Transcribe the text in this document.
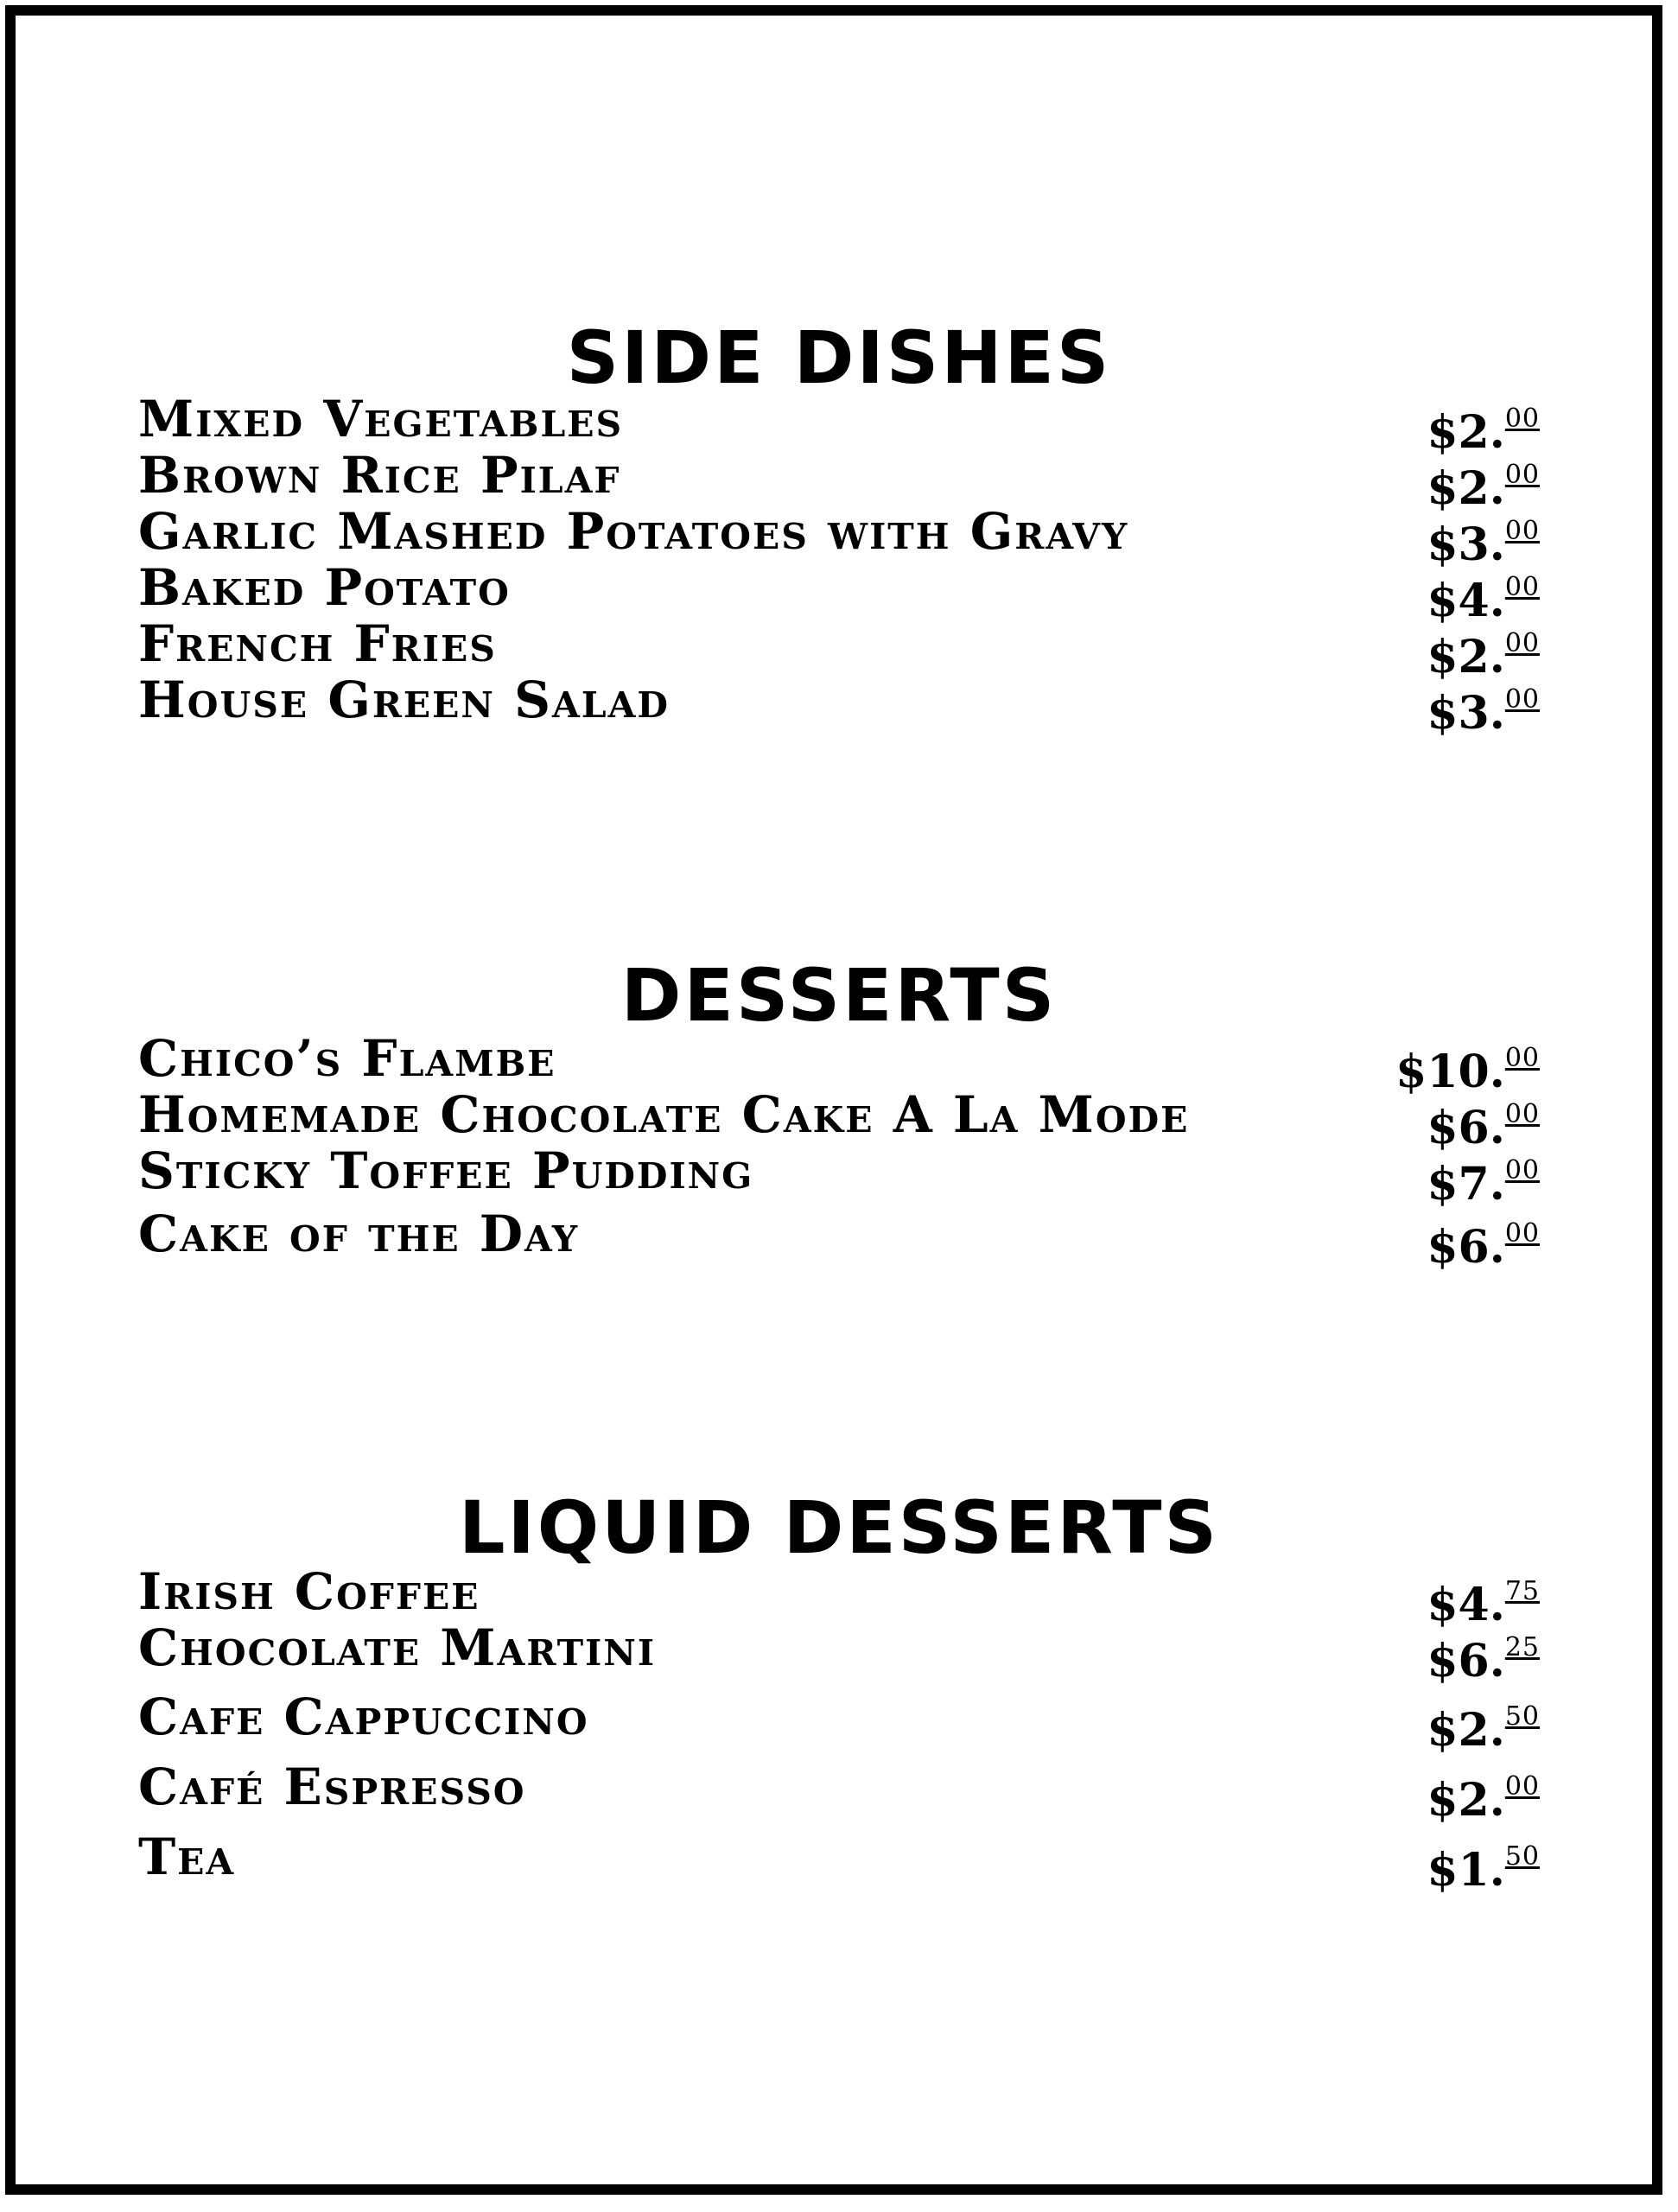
SIDE DISHES
Mixed Vegetables	$2.00
Brown Rice Pilaf	$2.00
Garlic Mashed Potatoes with Gravy	$3.00
Baked Potato	$4.00
French Fries	$2.00
House Green Salad	$3.00
DESSERTS
Chico’s Flambe	$10.00
Homemade Chocolate Cake A La Mode	$6.00
Sticky Toffee Pudding	$7.00
Cake of the Day	$6.00
LIQUID DESSERTS
Irish Coffee	$4.75
Chocolate Martini	$6.25
Cafe Cappuccino	$2.50
Café Espresso	$2.00
Tea	$1.50
